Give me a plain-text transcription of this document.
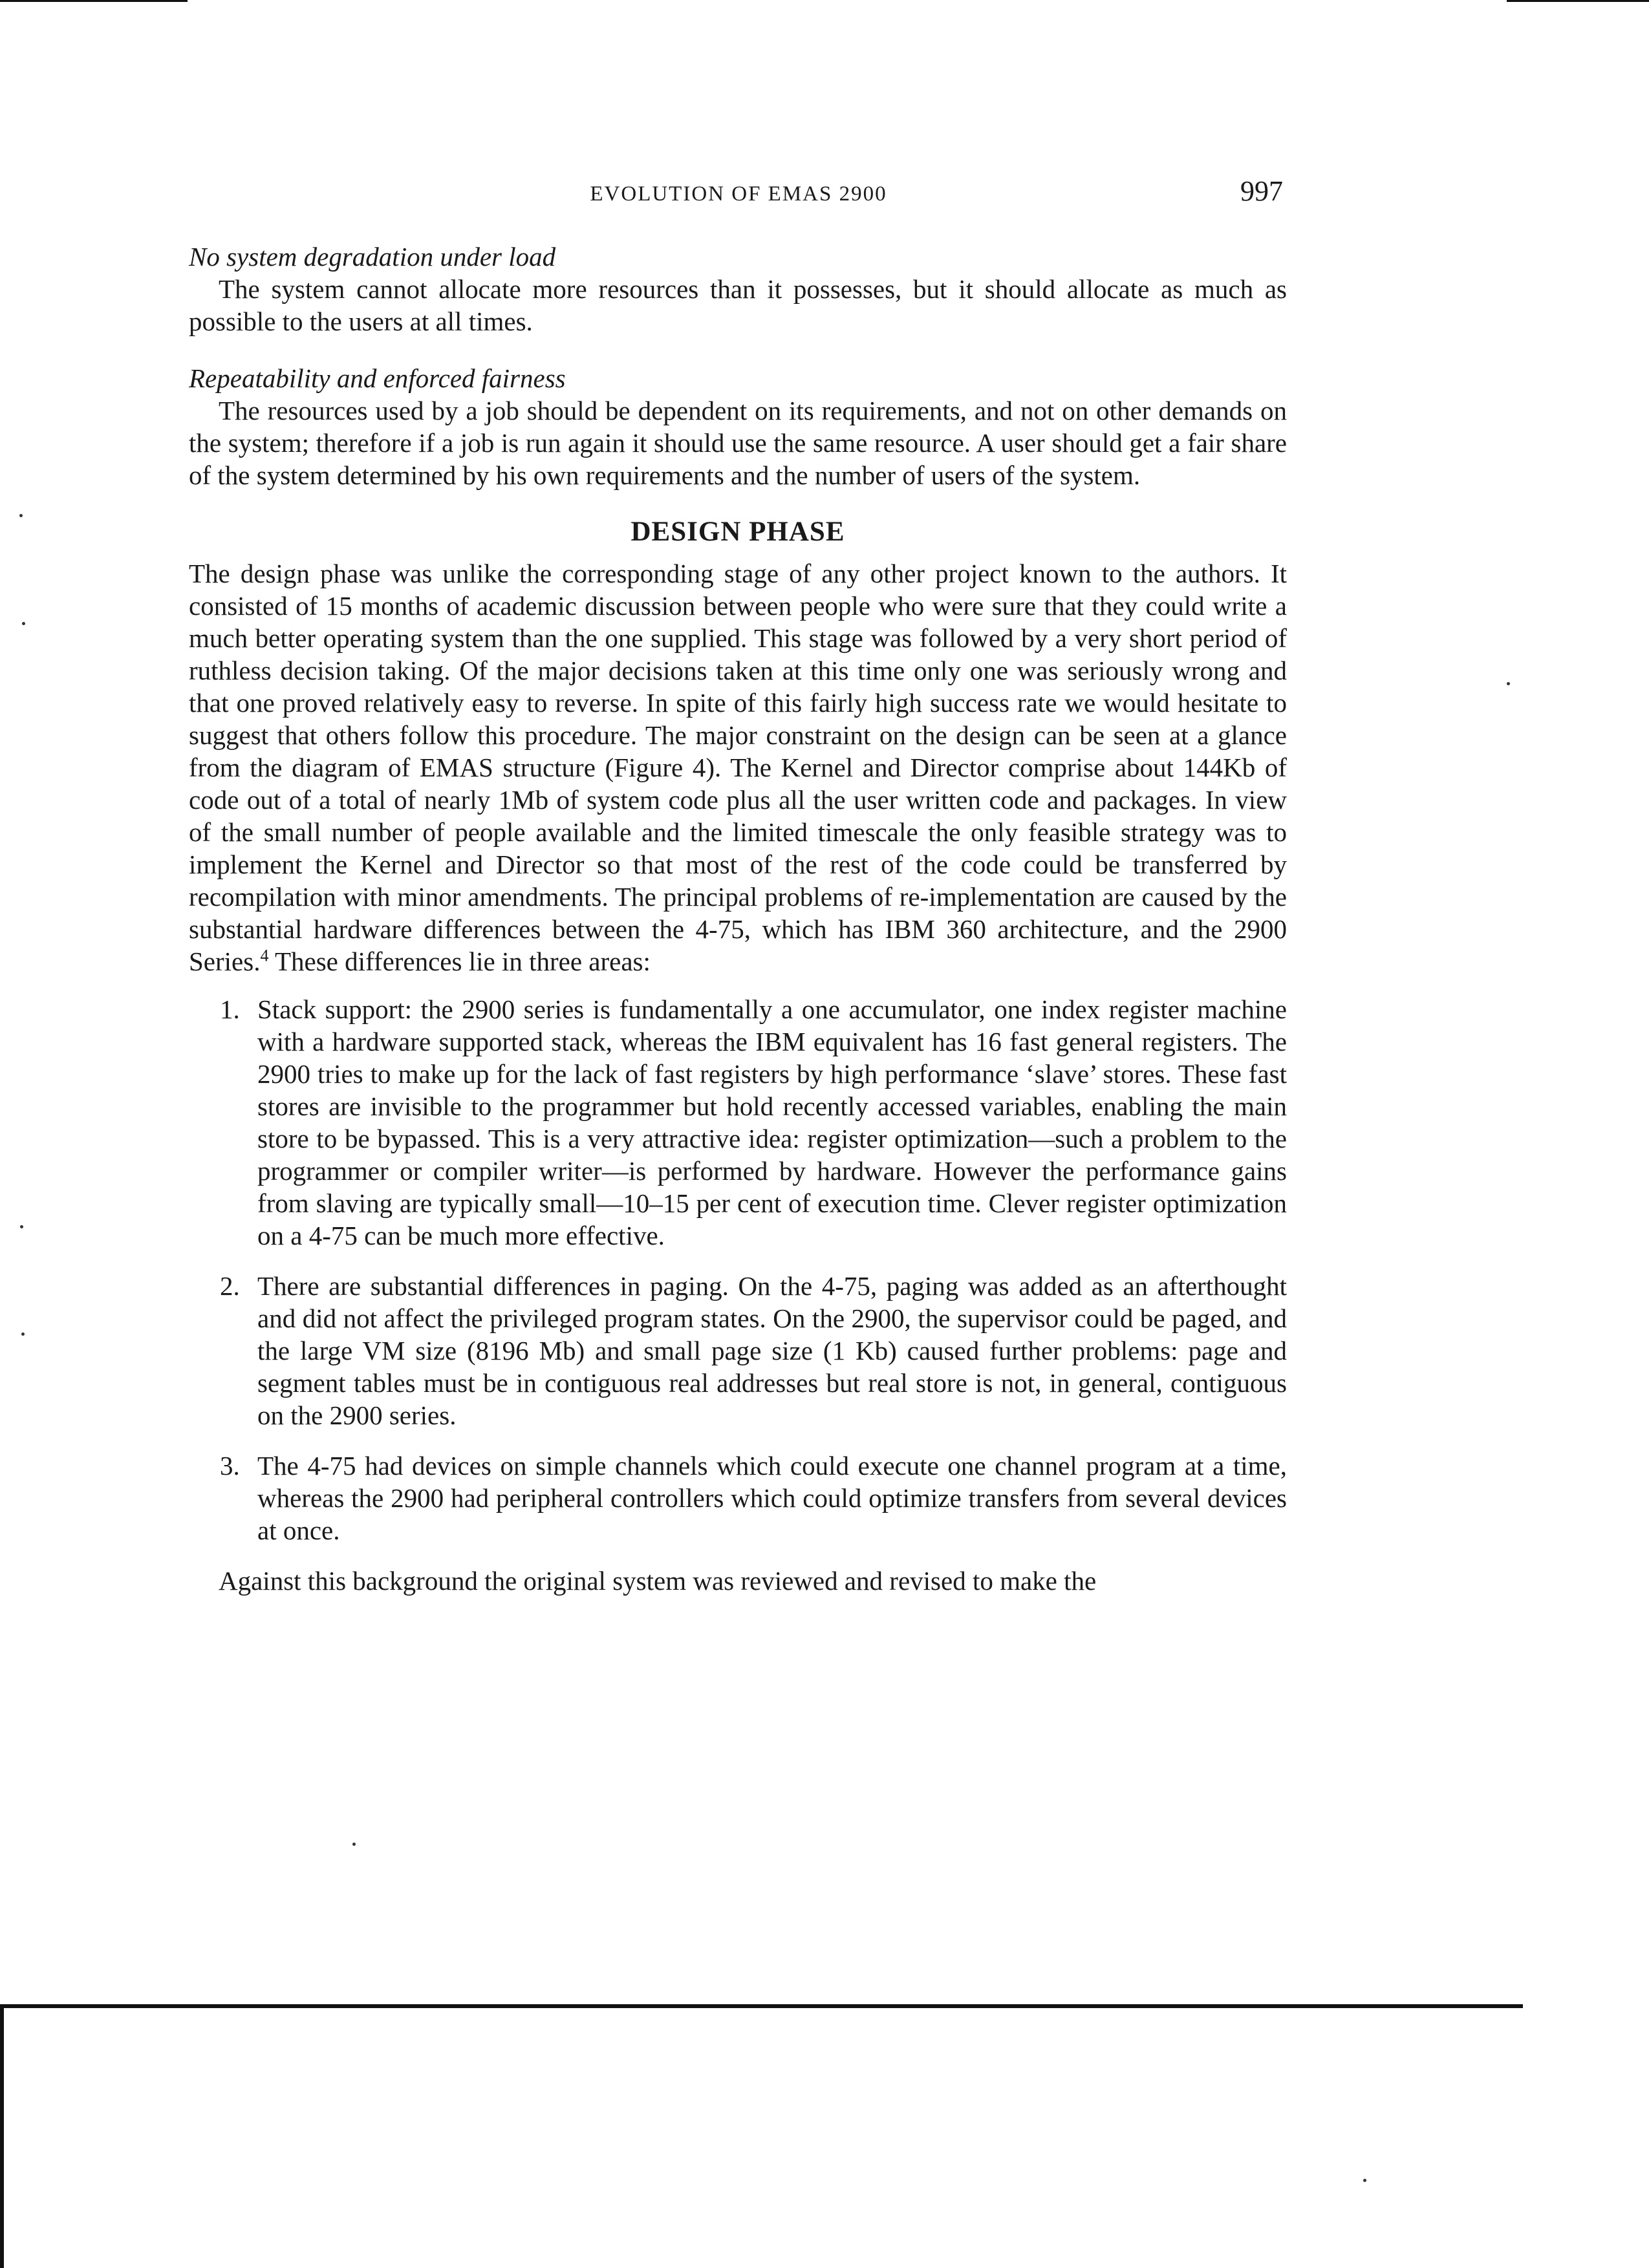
EVOLUTION OF EMAS 2900	997

No system degradation under load

The system cannot allocate more resources than it possesses, but it should allocate as much as possible to the users at all times.

Repeatability and enforced fairness

The resources used by a job should be dependent on its requirements, and not on other demands on the system; therefore if a job is run again it should use the same resource. A user should get a fair share of the system determined by his own requirements and the number of users of the system.

DESIGN PHASE

The design phase was unlike the corresponding stage of any other project known to the authors. It consisted of 15 months of academic discussion between people who were sure that they could write a much better operating system than the one supplied. This stage was followed by a very short period of ruthless decision taking. Of the major decisions taken at this time only one was seriously wrong and that one proved relatively easy to reverse. In spite of this fairly high success rate we would hesitate to suggest that others follow this procedure. The major constraint on the design can be seen at a glance from the diagram of EMAS structure (Figure 4). The Kernel and Director comprise about 144Kb of code out of a total of nearly 1Mb of system code plus all the user written code and packages. In view of the small number of people available and the limited timescale the only feasible strategy was to implement the Kernel and Director so that most of the rest of the code could be transferred by recompilation with minor amendments. The principal problems of re-implementation are caused by the substantial hardware differences between the 4-75, which has IBM 360 architecture, and the 2900 Series.$^4$ These differences lie in three areas:

1. Stack support: the 2900 series is fundamentally a one accumulator, one index register machine with a hardware supported stack, whereas the IBM equivalent has 16 fast general registers. The 2900 tries to make up for the lack of fast registers by high performance ‘slave’ stores. These fast stores are invisible to the programmer but hold recently accessed variables, enabling the main store to be bypassed. This is a very attractive idea: register optimization—such a problem to the programmer or compiler writer—is performed by hardware. However the performance gains from slaving are typically small—10–15 per cent of execution time. Clever register optimization on a 4-75 can be much more effective.
2. There are substantial differences in paging. On the 4-75, paging was added as an afterthought and did not affect the privileged program states. On the 2900, the supervisor could be paged, and the large VM size (8196 Mb) and small page size (1 Kb) caused further problems: page and segment tables must be in contiguous real addresses but real store is not, in general, contiguous on the 2900 series.
3. The 4-75 had devices on simple channels which could execute one channel program at a time, whereas the 2900 had peripheral controllers which could optimize transfers from several devices at once.

Against this background the original system was reviewed and revised to make the
